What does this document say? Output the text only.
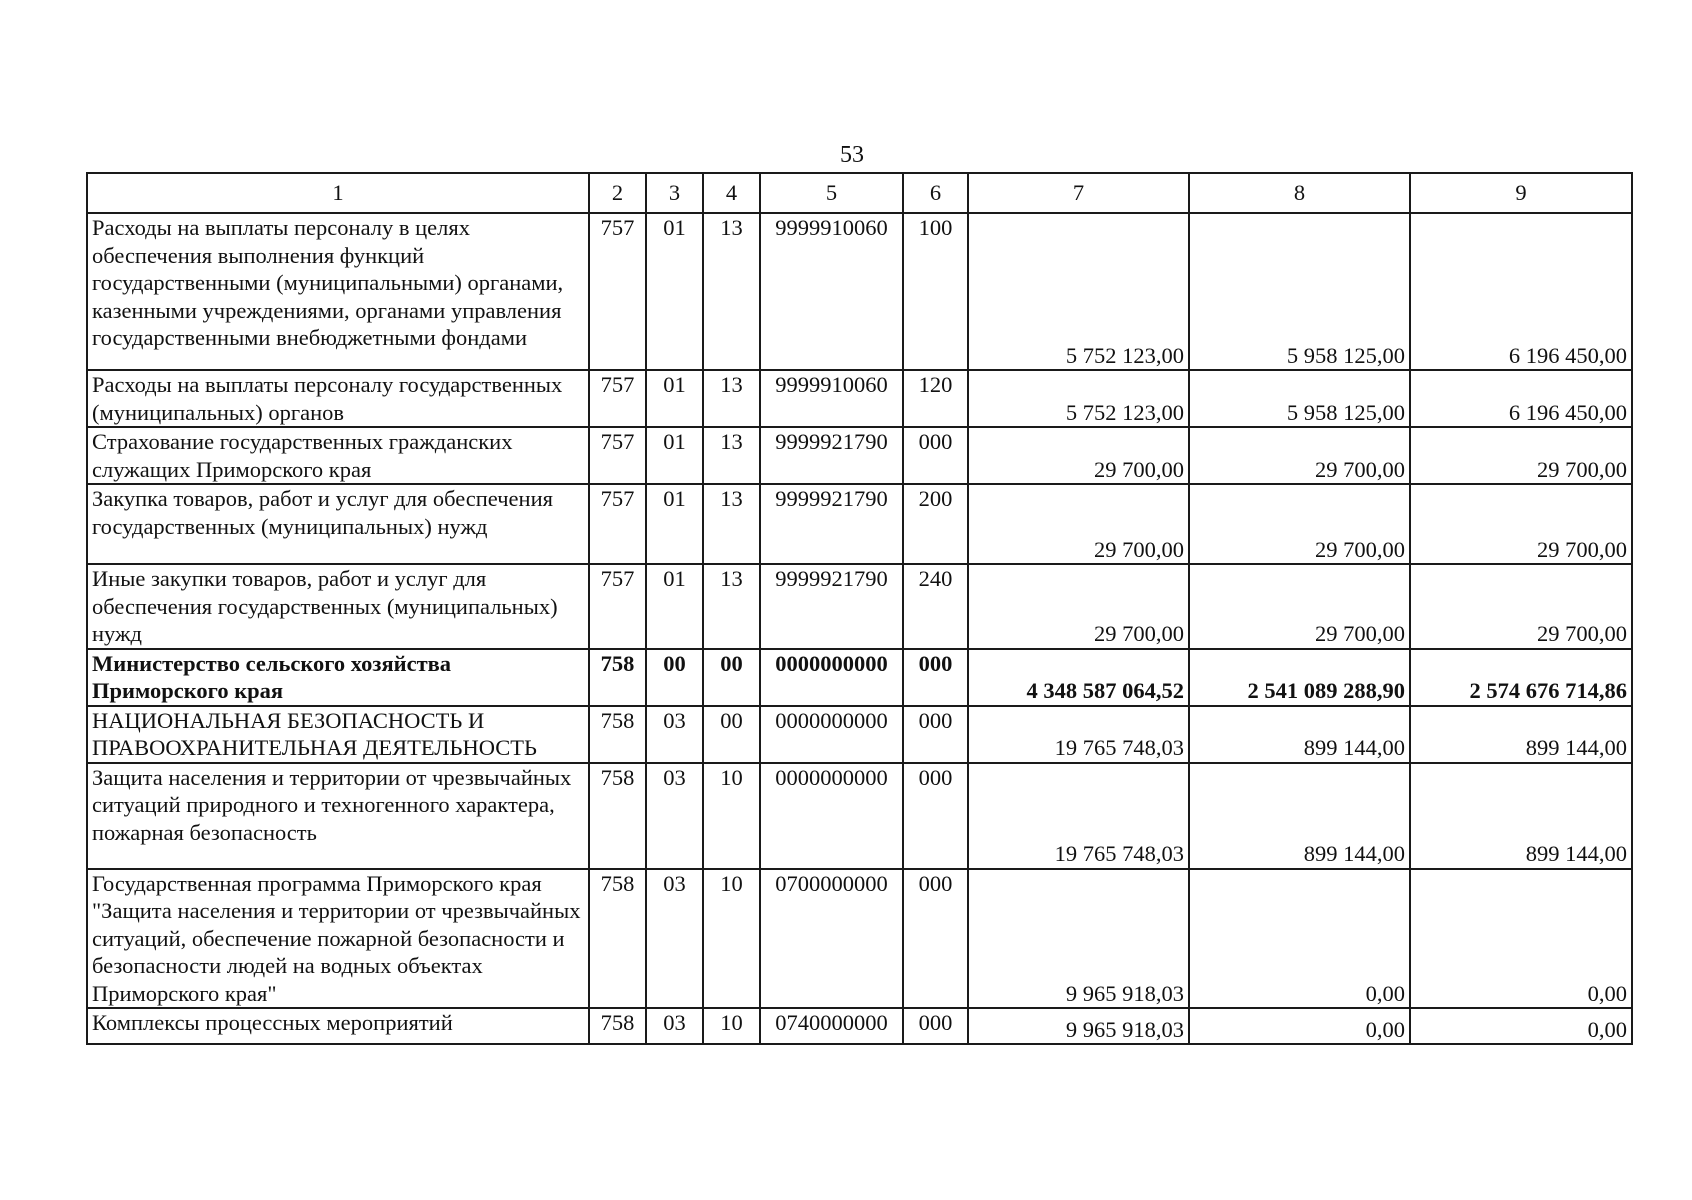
53
1	2	3	4	5	6	7	8	9
Расходы на выплаты персоналу в целях обеспечения выполнения функций государственными (муниципальными) органами, казенными учреждениями, органами управления государственными внебюджетными фондами	757	01	13	9999910060	100	5 752 123,00	5 958 125,00	6 196 450,00
Расходы на выплаты персоналу государственных (муниципальных) органов	757	01	13	9999910060	120	5 752 123,00	5 958 125,00	6 196 450,00
Страхование государственных гражданских служащих Приморского края	757	01	13	9999921790	000	29 700,00	29 700,00	29 700,00
Закупка товаров, работ и услуг для обеспечения государственных (муниципальных) нужд	757	01	13	9999921790	200	29 700,00	29 700,00	29 700,00
Иные закупки товаров, работ и услуг для обеспечения государственных (муниципальных) нужд	757	01	13	9999921790	240	29 700,00	29 700,00	29 700,00
Министерство сельского хозяйства Приморского края	758	00	00	0000000000	000	4 348 587 064,52	2 541 089 288,90	2 574 676 714,86
НАЦИОНАЛЬНАЯ БЕЗОПАСНОСТЬ И ПРАВООХРАНИТЕЛЬНАЯ ДЕЯТЕЛЬНОСТЬ	758	03	00	0000000000	000	19 765 748,03	899 144,00	899 144,00
Защита населения и территории от чрезвычайных ситуаций природного и техногенного характера, пожарная безопасность	758	03	10	0000000000	000	19 765 748,03	899 144,00	899 144,00
Государственная программа Приморского края "Защита населения и территории от чрезвычайных ситуаций, обеспечение пожарной безопасности и безопасности людей на водных объектах Приморского края"	758	03	10	0700000000	000	9 965 918,03	0,00	0,00
Комплексы процессных мероприятий	758	03	10	0740000000	000	9 965 918,03	0,00	0,00
